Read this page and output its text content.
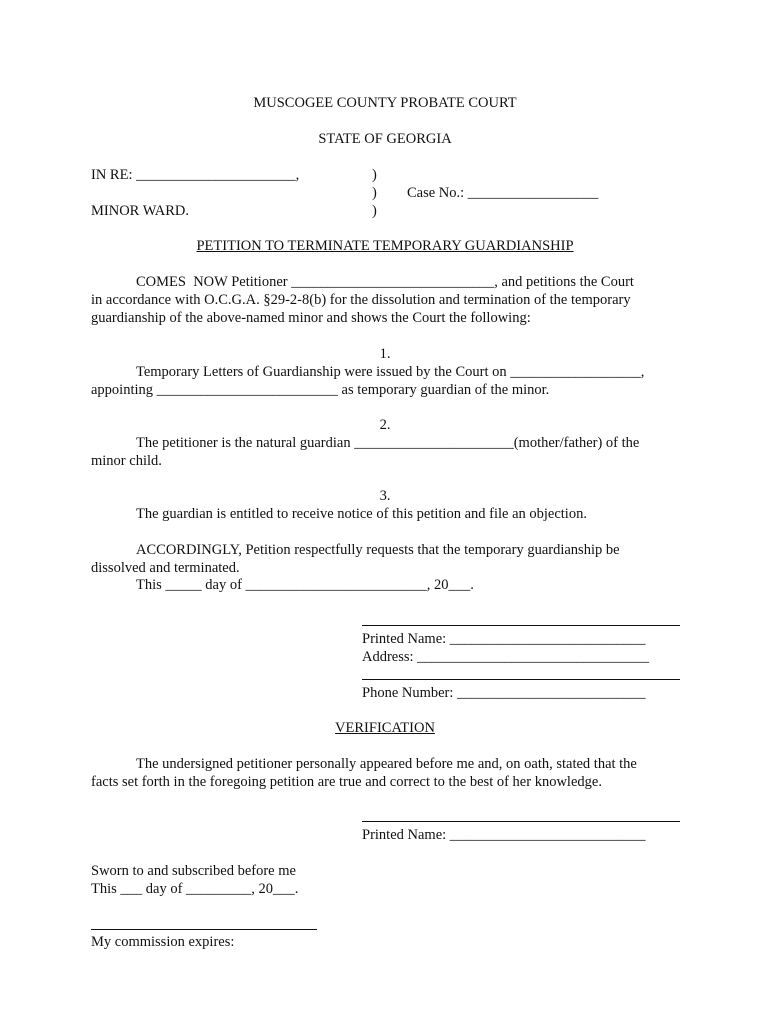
MUSCOGEE COUNTY PROBATE COURT
STATE OF GEORGIA
IN RE: ______________________,	)
) Case No.: __________________
MINOR WARD.	)
PETITION TO TERMINATE TEMPORARY GUARDIANSHIP
COMES  NOW Petitioner ____________________________, and petitions the Court
in accordance with O.C.G.A. §29-2-8(b) for the dissolution and termination of the temporary
guardianship of the above-named minor and shows the Court the following:
1.
Temporary Letters of Guardianship were issued by the Court on __________________,
appointing _________________________ as temporary guardian of the minor.
2.
The petitioner is the natural guardian ______________________(mother/father) of the
minor child.
3.
The guardian is entitled to receive notice of this petition and file an objection.
ACCORDINGLY, Petition respectfully requests that the temporary guardianship be
dissolved and terminated.
This _____ day of _________________________, 20___.
Printed Name: ___________________________
Address: ________________________________
Phone Number: __________________________
VERIFICATION
The undersigned petitioner personally appeared before me and, on oath, stated that the
facts set forth in the foregoing petition are true and correct to the best of her knowledge.
Printed Name: ___________________________
Sworn to and subscribed before me
This ___ day of _________, 20___.
My commission expires:
